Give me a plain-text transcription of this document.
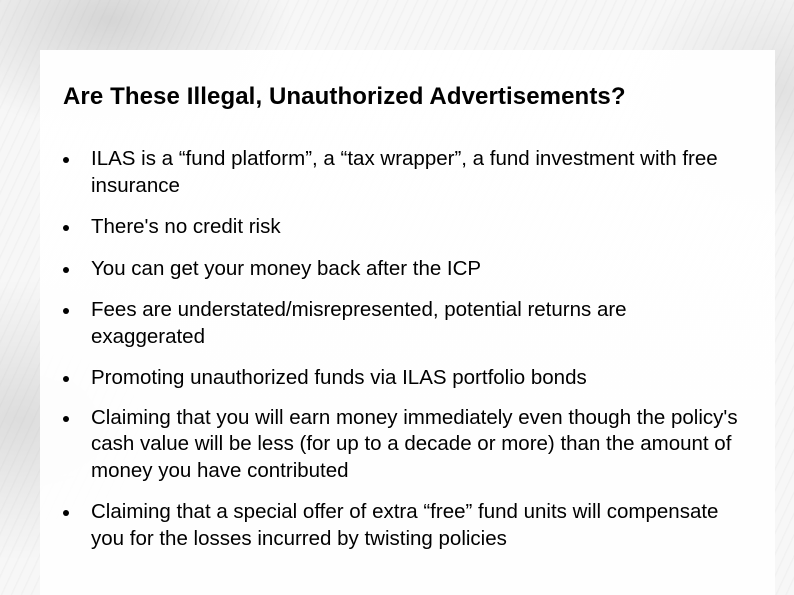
Are These Illegal, Unauthorized Advertisements?
ILAS is a “fund platform”, a “tax wrapper”, a fund investment with free insurance
There's no credit risk
You can get your money back after the ICP
Fees are understated/misrepresented, potential returns are exaggerated
Promoting unauthorized funds via ILAS portfolio bonds
Claiming that you will earn money immediately even though the policy's cash value will be less (for up to a decade or more) than the amount of money you have contributed
Claiming that a special offer of extra “free” fund units will compensate you for the losses incurred by twisting policies
